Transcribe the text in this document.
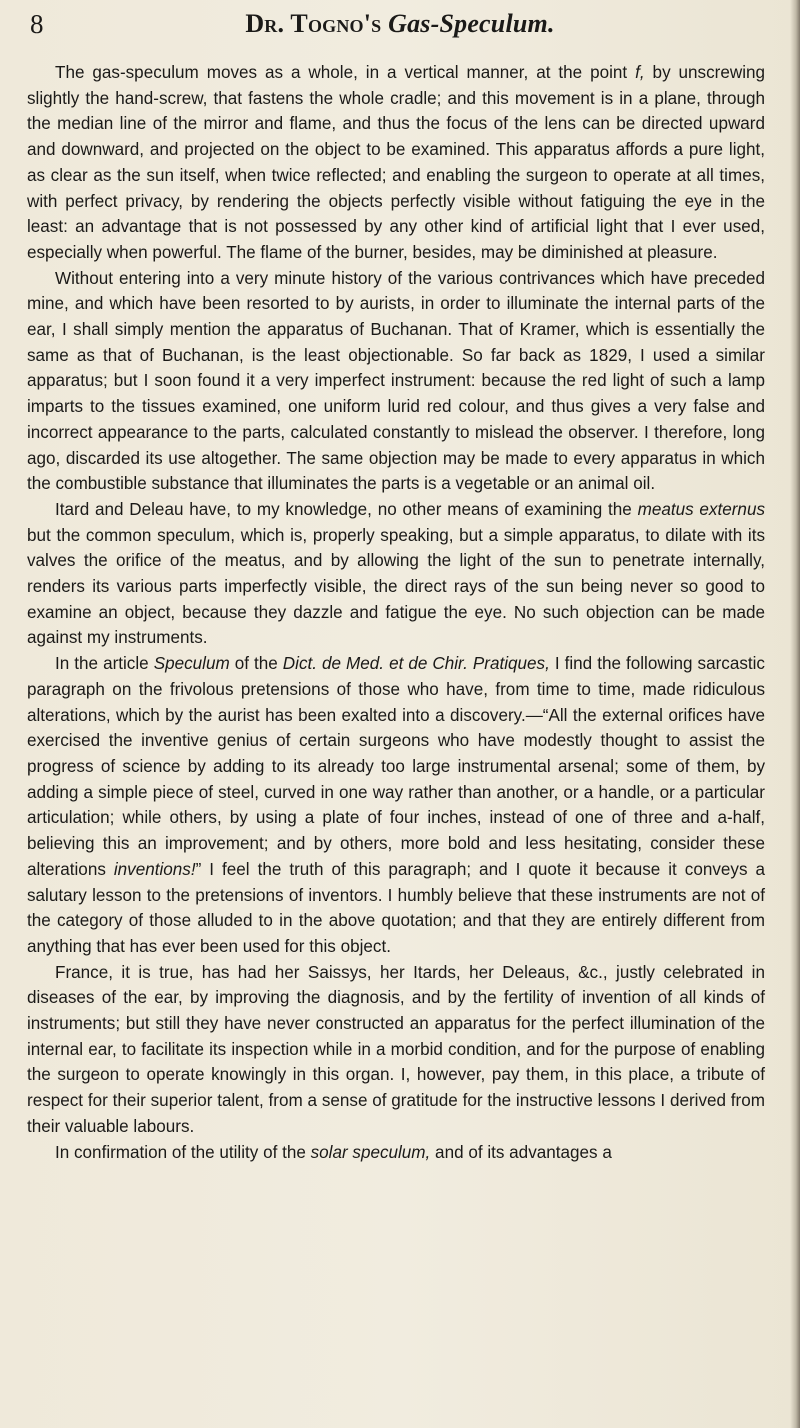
8	Dr. Togno's Gas-Speculum.

The gas-speculum moves as a whole, in a vertical manner, at the point f, by unscrewing slightly the hand-screw, that fastens the whole cradle; and this movement is in a plane, through the median line of the mirror and flame, and thus the focus of the lens can be directed upward and downward, and projected on the object to be examined. This apparatus affords a pure light, as clear as the sun itself, when twice reflected; and enabling the surgeon to operate at all times, with perfect privacy, by rendering the objects perfectly visible without fatiguing the eye in the least: an advantage that is not possessed by any other kind of artificial light that I ever used, especially when powerful. The flame of the burner, besides, may be diminished at pleasure.

Without entering into a very minute history of the various contrivances which have preceded mine, and which have been resorted to by aurists, in order to illuminate the internal parts of the ear, I shall simply mention the apparatus of Buchanan. That of Kramer, which is essentially the same as that of Buchanan, is the least objectionable. So far back as 1829, I used a similar apparatus; but I soon found it a very imperfect instrument: because the red light of such a lamp imparts to the tissues examined, one uniform lurid red colour, and thus gives a very false and incorrect appearance to the parts, calculated constantly to mislead the observer. I therefore, long ago, discarded its use altogether. The same objection may be made to every apparatus in which the combustible substance that illuminates the parts is a vegetable or an animal oil.

Itard and Deleau have, to my knowledge, no other means of examining the meatus externus but the common speculum, which is, properly speaking, but a simple apparatus, to dilate with its valves the orifice of the meatus, and by allowing the light of the sun to penetrate internally, renders its various parts imperfectly visible, the direct rays of the sun being never so good to examine an object, because they dazzle and fatigue the eye. No such objection can be made against my instruments.

In the article Speculum of the Dict. de Med. et de Chir. Pratiques, I find the following sarcastic paragraph on the frivolous pretensions of those who have, from time to time, made ridiculous alterations, which by the aurist has been exalted into a discovery.—“All the external orifices have exercised the inventive genius of certain surgeons who have modestly thought to assist the progress of science by adding to its already too large instrumental arsenal; some of them, by adding a simple piece of steel, curved in one way rather than another, or a handle, or a particular articulation; while others, by using a plate of four inches, instead of one of three and a-half, believing this an improvement; and by others, more bold and less hesitating, consider these alterations inventions!” I feel the truth of this paragraph; and I quote it because it conveys a salutary lesson to the pretensions of inventors. I humbly believe that these instruments are not of the category of those alluded to in the above quotation; and that they are entirely different from anything that has ever been used for this object.

France, it is true, has had her Saissys, her Itards, her Deleaus, &c., justly celebrated in diseases of the ear, by improving the diagnosis, and by the fertility of invention of all kinds of instruments; but still they have never constructed an apparatus for the perfect illumination of the internal ear, to facilitate its inspection while in a morbid condition, and for the purpose of enabling the surgeon to operate knowingly in this organ. I, however, pay them, in this place, a tribute of respect for their superior talent, from a sense of gratitude for the instructive lessons I derived from their valuable labours.

In confirmation of the utility of the solar speculum, and of its advantages a
